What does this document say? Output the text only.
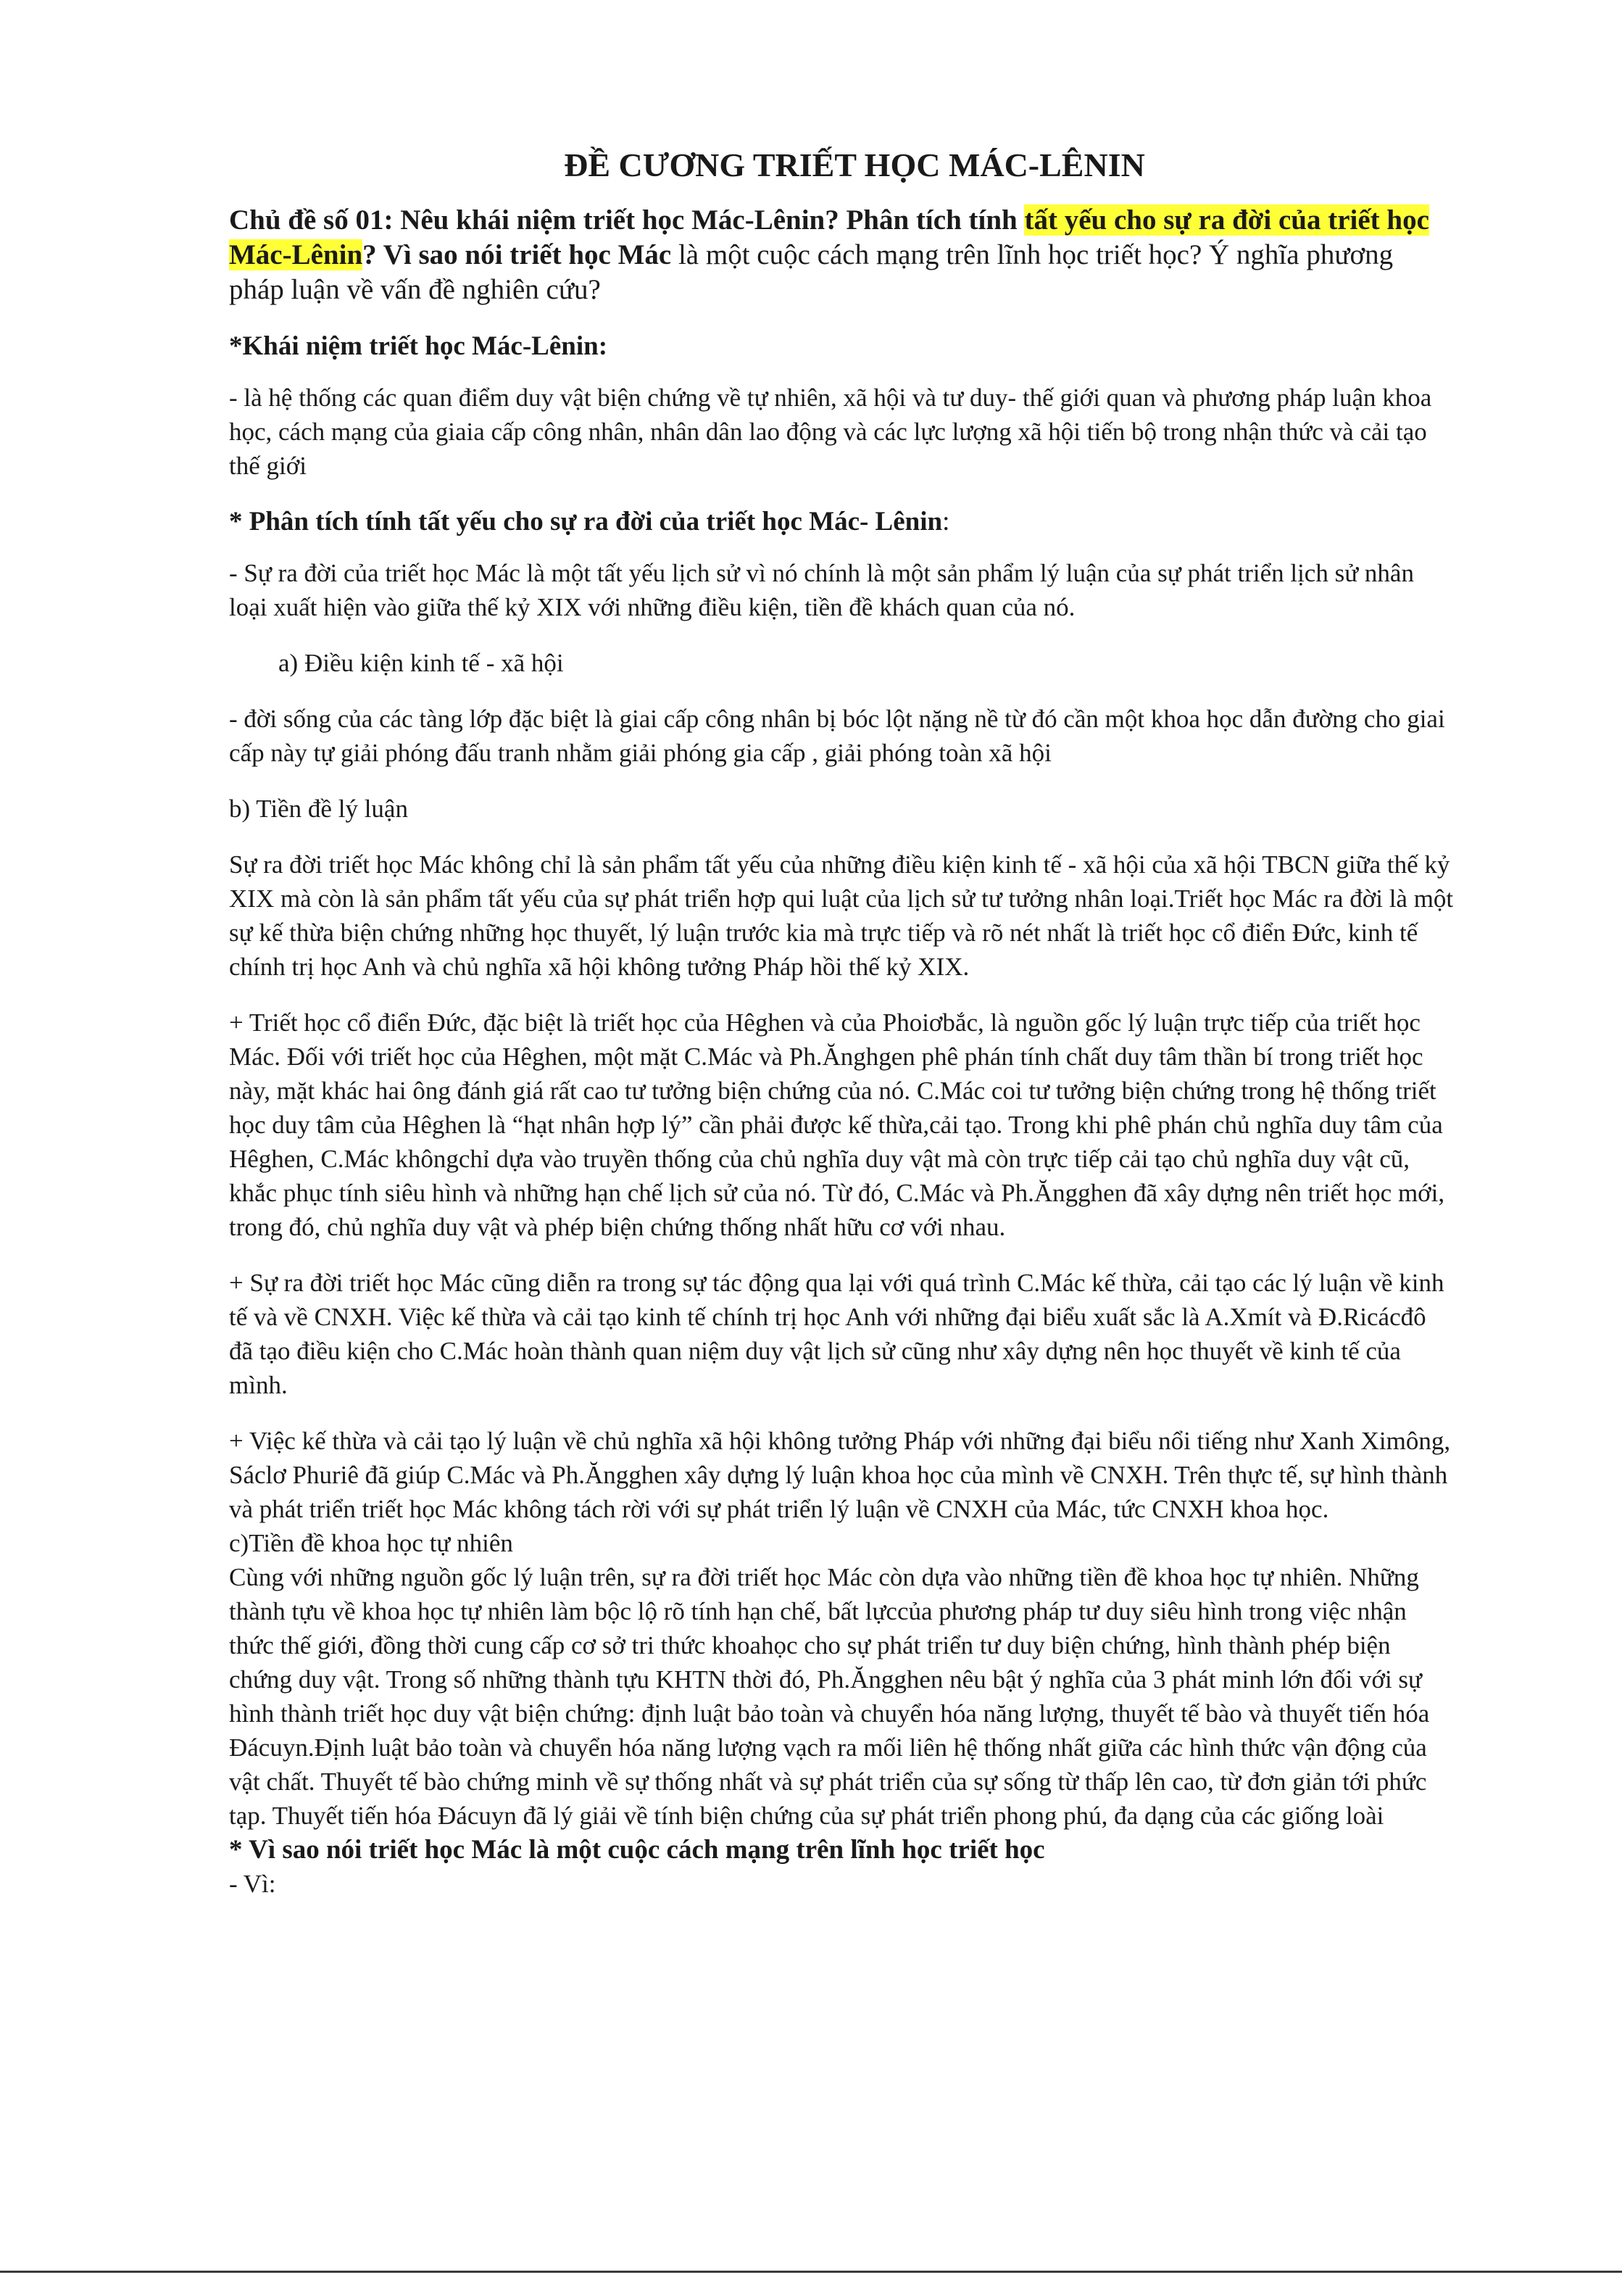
ĐỀ CƯƠNG TRIẾT HỌC MÁC-LÊNIN
Chủ đề số 01: Nêu khái niệm triết học Mác-Lênin? Phân tích tính tất yếu cho sự ra đời của triết học Mác-Lênin? Vì sao nói triết học Mác là một cuộc cách mạng trên lĩnh học triết học? Ý nghĩa phương pháp luận về vấn đề nghiên cứu?
*Khái niệm triết học Mác-Lênin:

- là hệ thống các quan điểm duy vật biện chứng về tự nhiên, xã hội và tư duy- thế giới quan và phương pháp luận khoa học, cách mạng của giaia cấp công nhân, nhân dân lao động và các lực lượng xã hội tiến bộ trong nhận thức và cải tạo thế giới

* Phân tích tính tất yếu cho sự ra đời của triết học Mác- Lênin:

- Sự ra đời của triết học Mác là một tất yếu lịch sử vì nó chính là một sản phẩm lý luận của sự phát triển lịch sử nhân loại xuất hiện vào giữa thế kỷ XIX với những điều kiện, tiền đề khách quan của nó.

a) Điều kiện kinh tế - xã hội

- đời sống của các tàng lớp đặc biệt là giai cấp công nhân bị bóc lột nặng nề từ đó cần một khoa học dẫn đường cho giai cấp này tự giải phóng đấu tranh nhằm giải phóng gia cấp , giải phóng toàn xã hội

b) Tiền đề lý luận

Sự ra đời triết học Mác không chỉ là sản phẩm tất yếu của những điều kiện kinh tế - xã hội của xã hội TBCN giữa thế kỷ XIX mà còn là sản phẩm tất yếu của sự phát triển hợp qui luật của lịch sử tư tưởng nhân loại.Triết học Mác ra đời là một sự kế thừa biện chứng những học thuyết, lý luận trước kia mà trực tiếp và rõ nét nhất là triết học cổ điển Đức, kinh tế chính trị học Anh và chủ nghĩa xã hội không tưởng Pháp hồi thế kỷ XIX.

+ Triết học cổ điển Đức, đặc biệt là triết học của Hêghen và của Phoiơbắc, là nguồn gốc lý luận trực tiếp của triết học Mác. Đối với triết học của Hêghen, một mặt C.Mác và Ph.Ănghgen phê phán tính chất duy tâm thần bí trong triết học này, mặt khác hai ông đánh giá rất cao tư tưởng biện chứng của nó. C.Mác coi tư tưởng biện chứng trong hệ thống triết học duy tâm của Hêghen là “hạt nhân hợp lý” cần phải được kế thừa,cải tạo. Trong khi phê phán chủ nghĩa duy tâm của Hêghen, C.Mác khôngchỉ dựa vào truyền thống của chủ nghĩa duy vật mà còn trực tiếp cải tạo chủ nghĩa duy vật cũ, khắc phục tính siêu hình và những hạn chế lịch sử của nó. Từ đó, C.Mác và Ph.Ăngghen đã xây dựng nên triết học mới, trong đó, chủ nghĩa duy vật và phép biện chứng thống nhất hữu cơ với nhau.

+ Sự ra đời triết học Mác cũng diễn ra trong sự tác động qua lại với quá trình C.Mác kế thừa, cải tạo các lý luận về kinh tế và về CNXH. Việc kế thừa và cải tạo kinh tế chính trị học Anh với những đại biểu xuất sắc là A.Xmít và Đ.Ricácđô đã tạo điều kiện cho C.Mác hoàn thành quan niệm duy vật lịch sử cũng như xây dựng nên học thuyết về kinh tế của mình.

+ Việc kế thừa và cải tạo lý luận về chủ nghĩa xã hội không tưởng Pháp với những đại biểu nổi tiếng như Xanh Ximông, Sáclơ Phuriê đã giúp C.Mác và Ph.Ăngghen xây dựng lý luận khoa học của mình về CNXH. Trên thực tế, sự hình thành và phát triển triết học Mác không tách rời với sự phát triển lý luận về CNXH của Mác, tức CNXH khoa học.

c)Tiền đề khoa học tự nhiên

Cùng với những nguồn gốc lý luận trên, sự ra đời triết học Mác còn dựa vào những tiền đề khoa học tự nhiên. Những thành tựu về khoa học tự nhiên làm bộc lộ rõ tính hạn chế, bất lựccủa phương pháp tư duy siêu hình trong việc nhận thức thế giới, đồng thời cung cấp cơ sở tri thức khoahọc cho sự phát triển tư duy biện chứng, hình thành phép biện chứng duy vật. Trong số những thành tựu KHTN thời đó, Ph.Ăngghen nêu bật ý nghĩa của 3 phát minh lớn đối với sự hình thành triết học duy vật biện chứng: định luật bảo toàn và chuyển hóa năng lượng, thuyết tế bào và thuyết tiến hóa Đácuyn.Định luật bảo toàn và chuyển hóa năng lượng vạch ra mối liên hệ thống nhất giữa các hình thức vận động của vật chất. Thuyết tế bào chứng minh về sự thống nhất và sự phát triển của sự sống từ thấp lên cao, từ đơn giản tới phức tạp. Thuyết tiến hóa Đácuyn đã lý giải về tính biện chứng của sự phát triển phong phú, đa dạng của các giống loài

* Vì sao nói triết học Mác là một cuộc cách mạng trên lĩnh học triết học

- Vì:
